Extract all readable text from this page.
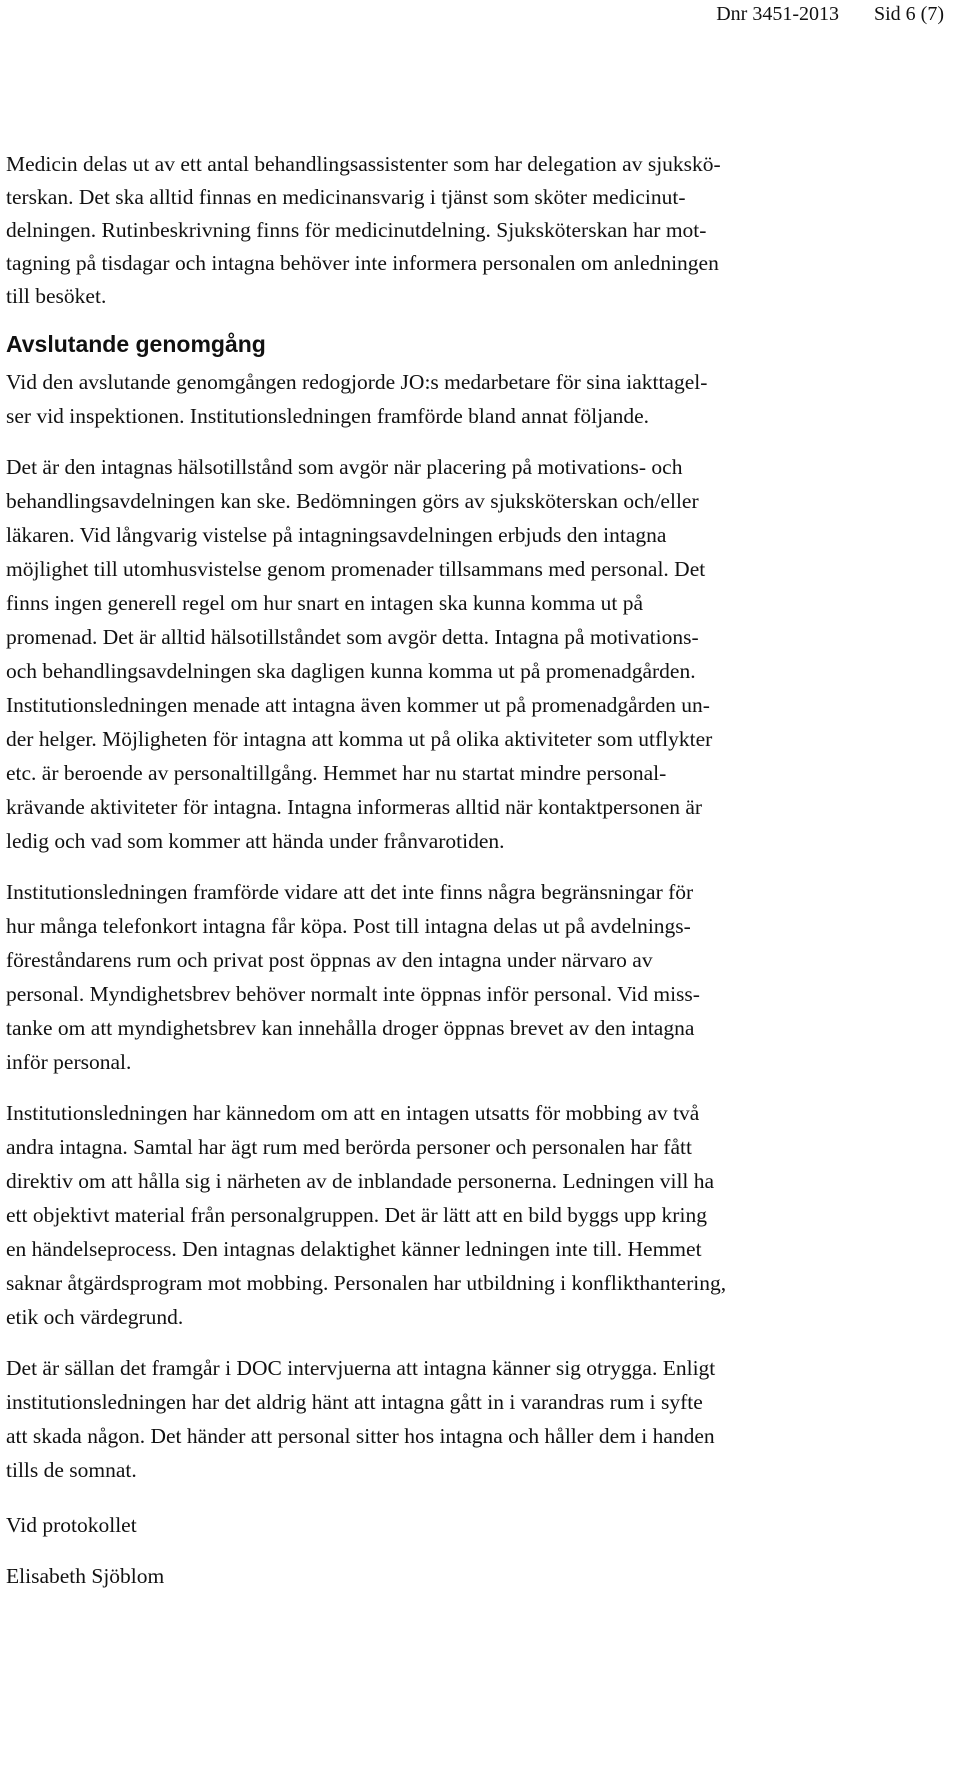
Dnr 3451-2013 Sid 6 (7)

Medicin delas ut av ett antal behandlingsassistenter som har delegation av sjukskö-
terskan. Det ska alltid finnas en medicinansvarig i tjänst som sköter medicinut-
delningen. Rutinbeskrivning finns för medicinutdelning. Sjuksköterskan har mot-
tagning på tisdagar och intagna behöver inte informera personalen om anledningen
till besöket.

Avslutande genomgång

Vid den avslutande genomgången redogjorde JO:s medarbetare för sina iakttagel-
ser vid inspektionen. Institutionsledningen framförde bland annat följande.

Det är den intagnas hälsotillstånd som avgör när placering på motivations- och
behandlingsavdelningen kan ske. Bedömningen görs av sjuksköterskan och/eller
läkaren. Vid långvarig vistelse på intagningsavdelningen erbjuds den intagna
möjlighet till utomhusvistelse genom promenader tillsammans med personal. Det
finns ingen generell regel om hur snart en intagen ska kunna komma ut på
promenad. Det är alltid hälsotillståndet som avgör detta. Intagna på motivations-
och behandlingsavdelningen ska dagligen kunna komma ut på promenadgården.
Institutionsledningen menade att intagna även kommer ut på promenadgården un-
der helger. Möjligheten för intagna att komma ut på olika aktiviteter som utflykter
etc. är beroende av personaltillgång. Hemmet har nu startat mindre personal-
krävande aktiviteter för intagna. Intagna informeras alltid när kontaktpersonen är
ledig och vad som kommer att hända under frånvarotiden.

Institutionsledningen framförde vidare att det inte finns några begränsningar för
hur många telefonkort intagna får köpa. Post till intagna delas ut på avdelnings-
föreståndarens rum och privat post öppnas av den intagna under närvaro av
personal. Myndighetsbrev behöver normalt inte öppnas inför personal. Vid miss-
tanke om att myndighetsbrev kan innehålla droger öppnas brevet av den intagna
inför personal.

Institutionsledningen har kännedom om att en intagen utsatts för mobbing av två
andra intagna. Samtal har ägt rum med berörda personer och personalen har fått
direktiv om att hålla sig i närheten av de inblandade personerna. Ledningen vill ha
ett objektivt material från personalgruppen. Det är lätt att en bild byggs upp kring
en händelseprocess. Den intagnas delaktighet känner ledningen inte till. Hemmet
saknar åtgärdsprogram mot mobbing. Personalen har utbildning i konflikthantering,
etik och värdegrund.

Det är sällan det framgår i DOC intervjuerna att intagna känner sig otrygga. Enligt
institutionsledningen har det aldrig hänt att intagna gått in i varandras rum i syfte
att skada någon. Det händer att personal sitter hos intagna och håller dem i handen
tills de somnat.

Vid protokollet

Elisabeth Sjöblom
